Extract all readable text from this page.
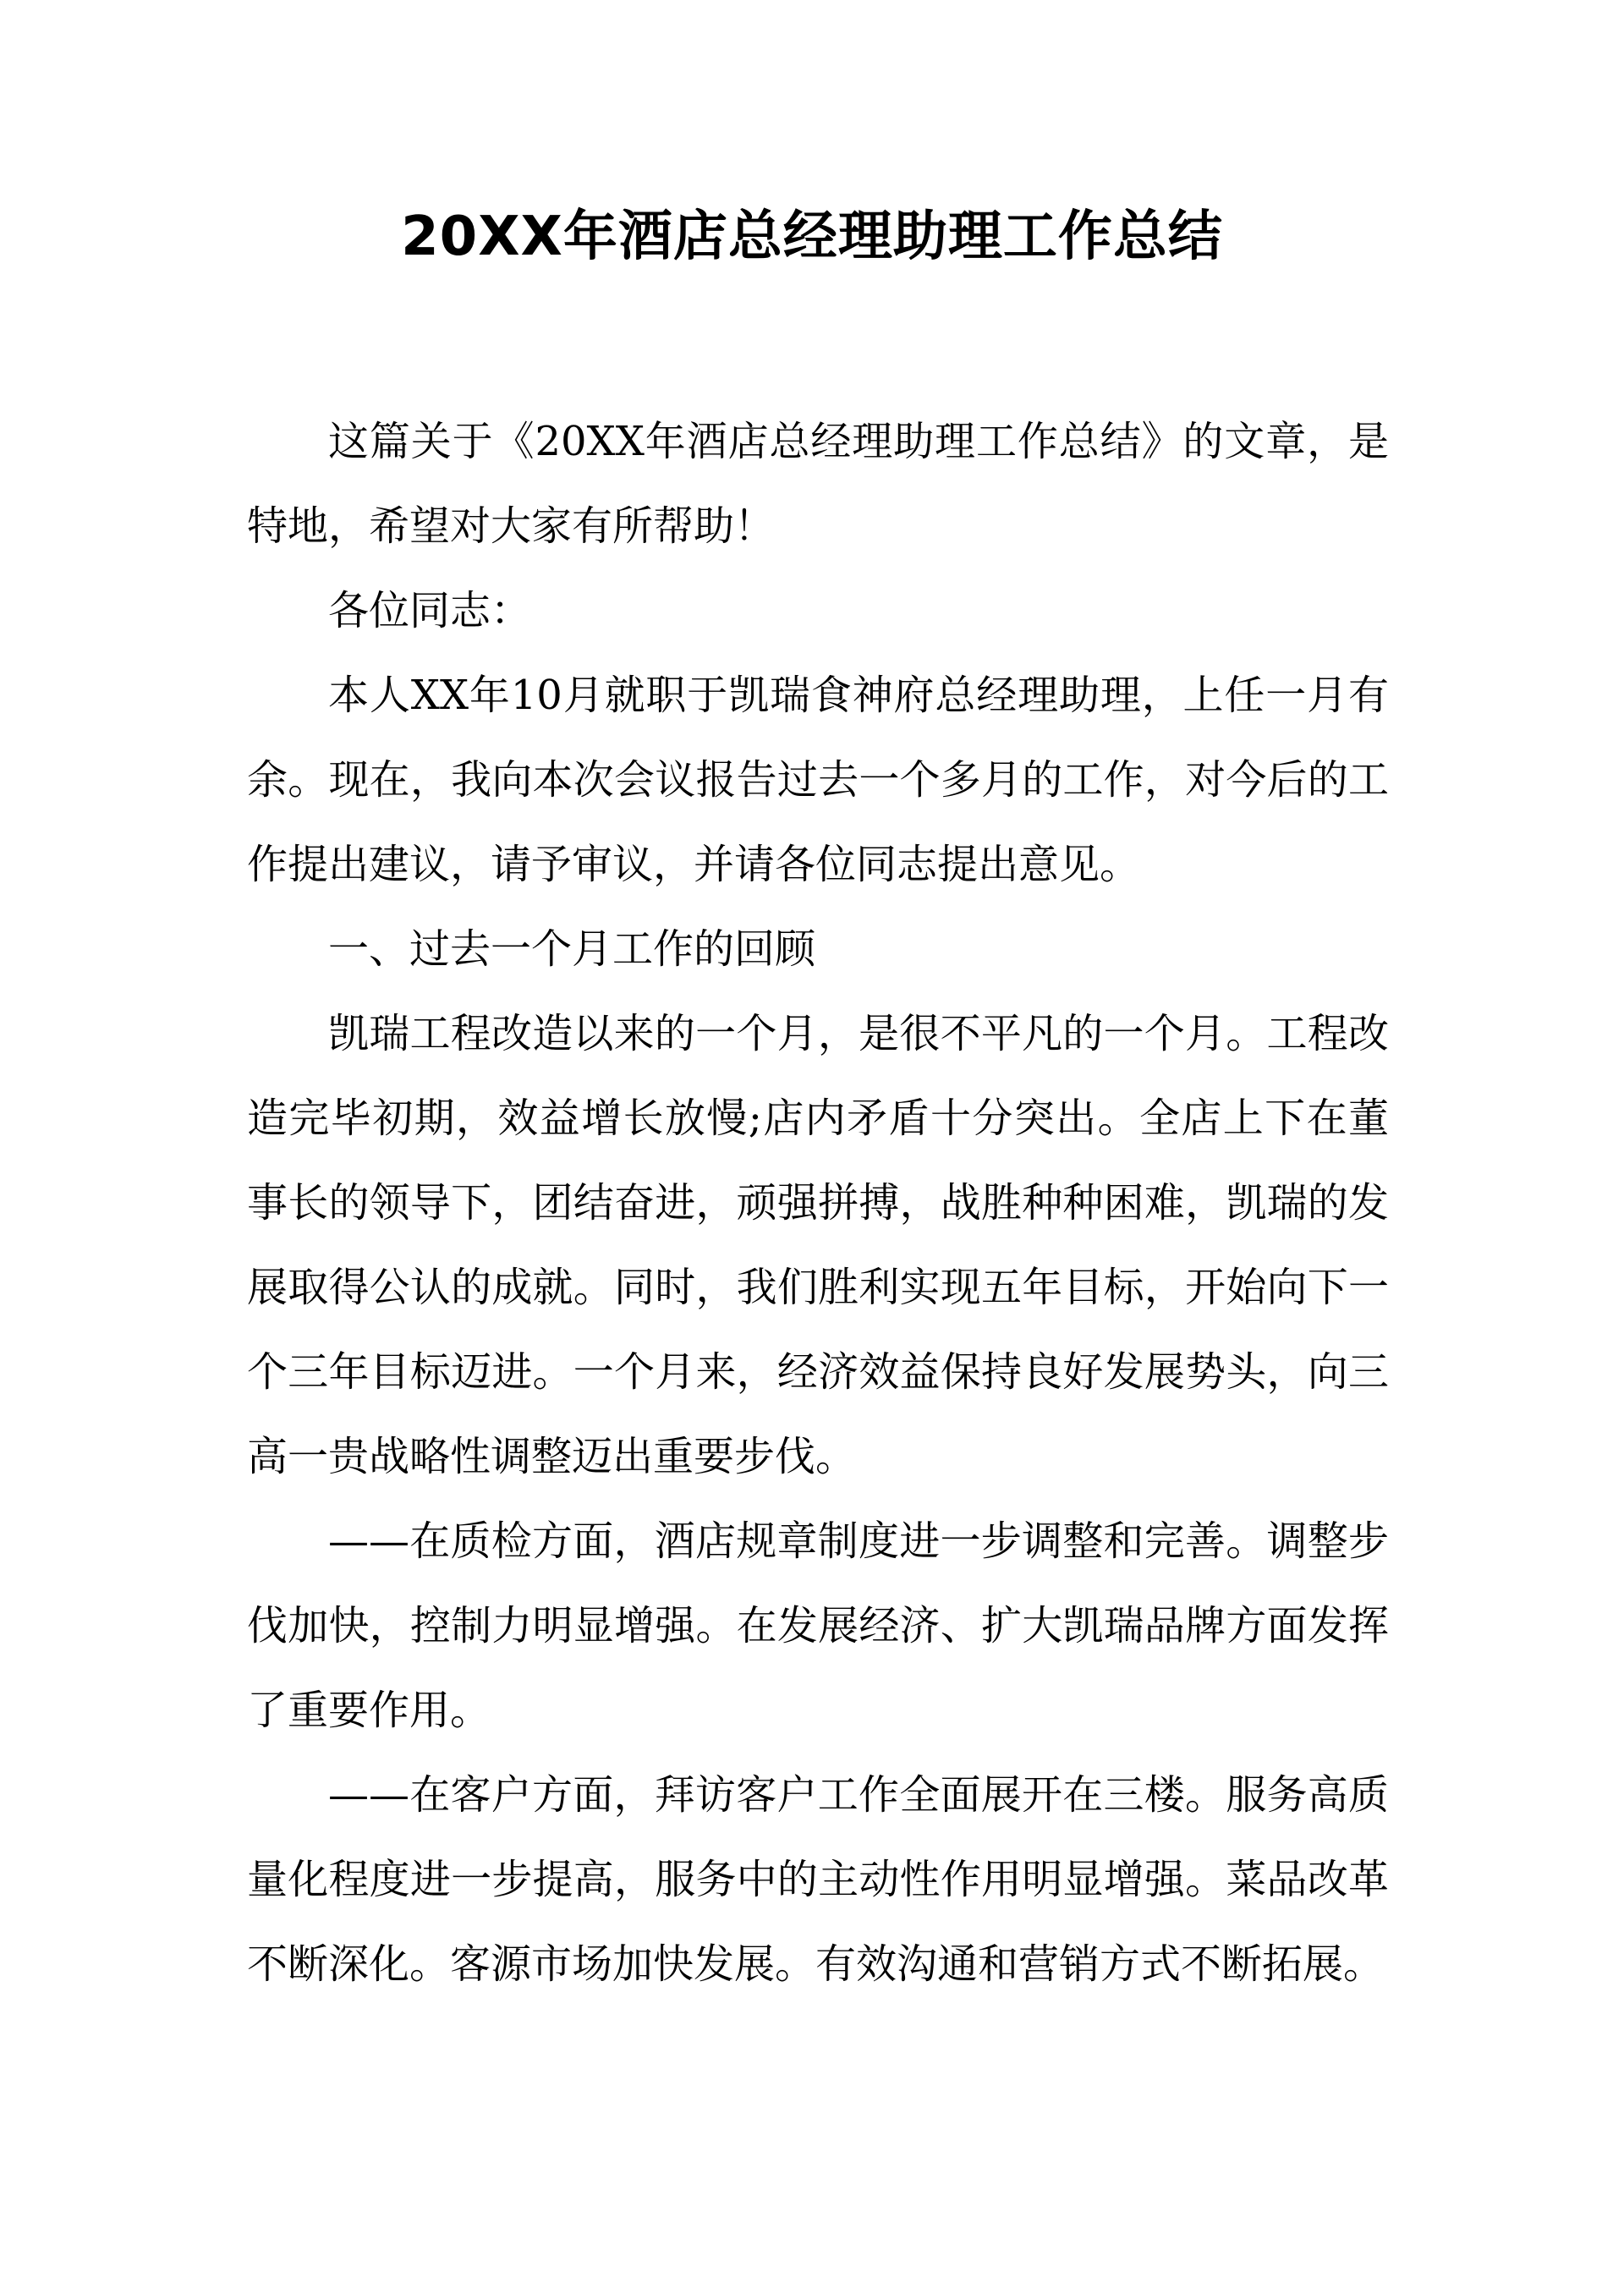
20XX年酒店总经理助理工作总结

这篇关于《20XX年酒店总经理助理工作总结》的文章，是特地，希望对大家有所帮助！

各位同志：

本人XX年10月就职于凯瑞食神府总经理助理，上任一月有余。现在，我向本次会议报告过去一个多月的工作，对今后的工作提出建议，请予审议，并请各位同志提出意见。

一、过去一个月工作的回顾

凯瑞工程改造以来的一个月，是很不平凡的一个月。工程改造完毕初期，效益增长放慢;店内矛盾十分突出。全店上下在董事长的领导下，团结奋进，顽强拼搏，战胜种种困难，凯瑞的发展取得公认的成就。同时，我们胜利实现五年目标，开始向下一个三年目标迈进。一个月来，经济效益保持良好发展势头，向三高一贵战略性调整迈出重要步伐。

——在质检方面，酒店规章制度进一步调整和完善。调整步伐加快，控制力明显增强。在发展经济、扩大凯瑞品牌方面发挥了重要作用。

——在客户方面，拜访客户工作全面展开在三楼。服务高质量化程度进一步提高，服务中的主动性作用明显增强。菜品改革不断深化。客源市场加快发展。有效沟通和营销方式不断拓展。
